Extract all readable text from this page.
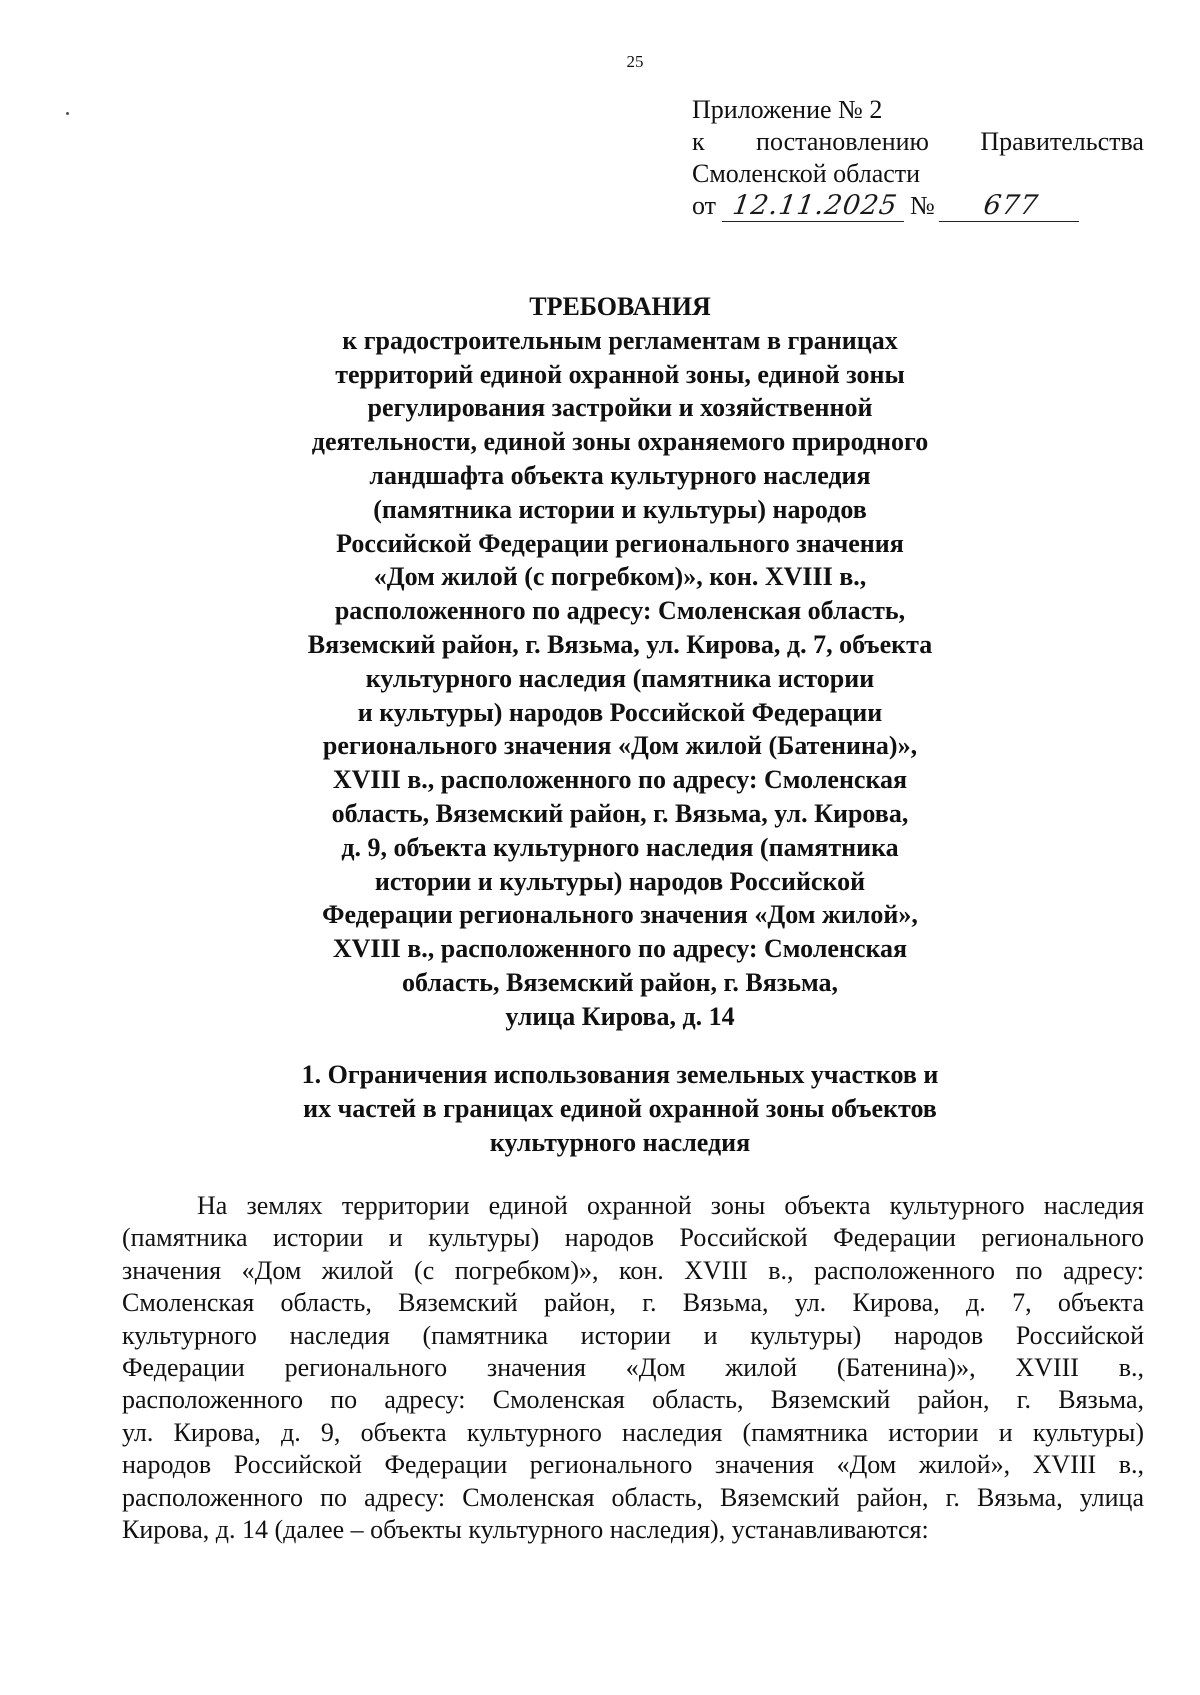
25
Приложение № 2
к постановлению Правительства
Смоленской области
от 12.11.2025 №	677
ТРЕБОВАНИЯ
к градостроительным регламентам в границах
территорий единой охранной зоны, единой зоны
регулирования застройки и хозяйственной
деятельности, единой зоны охраняемого природного
ландшафта объекта культурного наследия
(памятника истории и культуры) народов
Российской Федерации регионального значения
«Дом жилой (с погребком)», кон. XVIII в.,
расположенного по адресу: Смоленская область,
Вяземский район, г. Вязьма, ул. Кирова, д. 7, объекта
культурного наследия (памятника истории
и культуры) народов Российской Федерации
регионального значения «Дом жилой (Батенина)»,
XVIII в., расположенного по адресу: Смоленская
область, Вяземский район, г. Вязьма, ул. Кирова,
д. 9, объекта культурного наследия (памятника
истории и культуры) народов Российской
Федерации регионального значения «Дом жилой»,
XVIII в., расположенного по адресу: Смоленская
область, Вяземский район, г. Вязьма,
улица Кирова, д. 14
1. Ограничения использования земельных участков и
их частей в границах единой охранной зоны объектов
культурного наследия
На землях территории единой охранной зоны объекта культурного наследия
(памятника истории и культуры) народов Российской Федерации регионального
значения «Дом жилой (с погребком)», кон. XVIII в., расположенного по адресу:
Смоленская область, Вяземский район, г. Вязьма, ул. Кирова, д. 7, объекта
культурного наследия (памятника истории и культуры) народов Российской
Федерации регионального значения «Дом жилой (Батенина)», XVIII в.,
расположенного по адресу: Смоленская область, Вяземский район, г. Вязьма,
ул. Кирова, д. 9, объекта культурного наследия (памятника истории и культуры)
народов Российской Федерации регионального значения «Дом жилой», XVIII в.,
расположенного по адресу: Смоленская область, Вяземский район, г. Вязьма, улица
Кирова, д. 14 (далее – объекты культурного наследия), устанавливаются:
